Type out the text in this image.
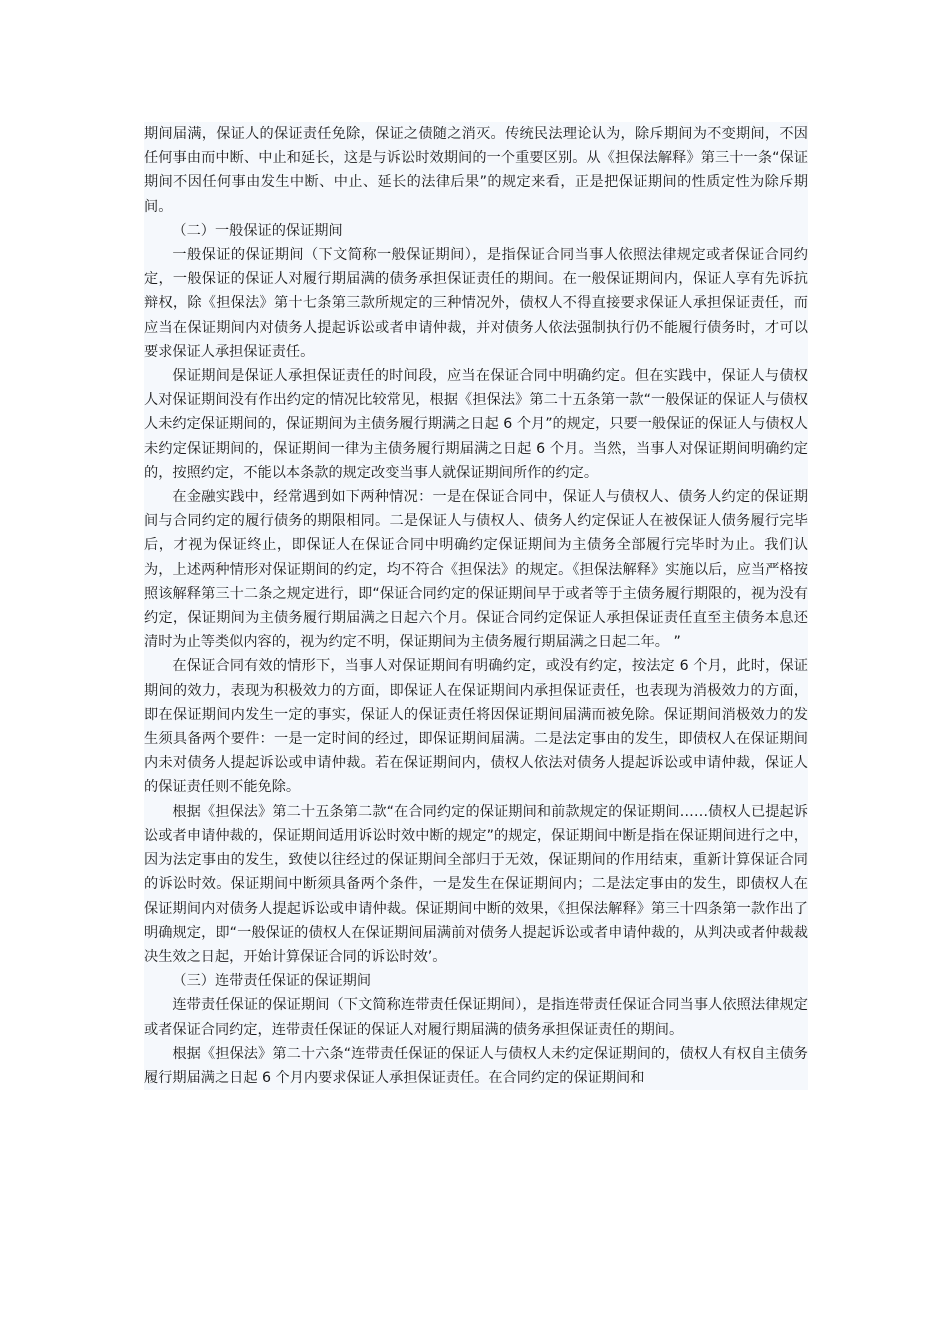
期间届满，保证人的保证责任免除，保证之债随之消灭。传统民法理论认为，除斥期间为不变期间，不因任何事由而中断、中止和延长，这是与诉讼时效期间的一个重要区别。从《担保法解释》第三十一条“保证期间不因任何事由发生中断、中止、延长的法律后果”的规定来看，正是把保证期间的性质定性为除斥期间。

（二）一般保证的保证期间

一般保证的保证期间（下文简称一般保证期间），是指保证合同当事人依照法律规定或者保证合同约定，一般保证的保证人对履行期届满的债务承担保证责任的期间。在一般保证期间内，保证人享有先诉抗辩权，除《担保法》第十七条第三款所规定的三种情况外，债权人不得直接要求保证人承担保证责任，而应当在保证期间内对债务人提起诉讼或者申请仲裁，并对债务人依法强制执行仍不能履行债务时，才可以要求保证人承担保证责任。

保证期间是保证人承担保证责任的时间段，应当在保证合同中明确约定。但在实践中，保证人与债权人对保证期间没有作出约定的情况比较常见，根据《担保法》第二十五条第一款“一般保证的保证人与债权人未约定保证期间的，保证期间为主债务履行期满之日起 6 个月”的规定，只要一般保证的保证人与债权人未约定保证期间的，保证期间一律为主债务履行期届满之日起 6 个月。当然，当事人对保证期间明确约定的，按照约定，不能以本条款的规定改变当事人就保证期间所作的约定。

在金融实践中，经常遇到如下两种情况：一是在保证合同中，保证人与债权人、债务人约定的保证期间与合同约定的履行债务的期限相同。二是保证人与债权人、债务人约定保证人在被保证人债务履行完毕后，才视为保证终止，即保证人在保证合同中明确约定保证期间为主债务全部履行完毕时为止。我们认为，上述两种情形对保证期间的约定，均不符合《担保法》的规定。《担保法解释》实施以后，应当严格按照该解释第三十二条之规定进行，即“保证合同约定的保证期间早于或者等于主债务履行期限的，视为没有约定，保证期间为主债务履行期届满之日起六个月。保证合同约定保证人承担保证责任直至主债务本息还清时为止等类似内容的，视为约定不明，保证期间为主债务履行期届满之日起二年。 ”

在保证合同有效的情形下，当事人对保证期间有明确约定，或没有约定，按法定 6 个月，此时，保证期间的效力，表现为积极效力的方面，即保证人在保证期间内承担保证责任，也表现为消极效力的方面，即在保证期间内发生一定的事实，保证人的保证责任将因保证期间届满而被免除。保证期间消极效力的发生须具备两个要件：一是一定时间的经过，即保证期间届满。二是法定事由的发生，即债权人在保证期间内未对债务人提起诉讼或申请仲裁。若在保证期间内，债权人依法对债务人提起诉讼或申请仲裁，保证人的保证责任则不能免除。

根据《担保法》第二十五条第二款“在合同约定的保证期间和前款规定的保证期间……债权人已提起诉讼或者申请仲裁的，保证期间适用诉讼时效中断的规定”的规定，保证期间中断是指在保证期间进行之中，因为法定事由的发生，致使以往经过的保证期间全部归于无效，保证期间的作用结束，重新计算保证合同的诉讼时效。保证期间中断须具备两个条件，一是发生在保证期间内；二是法定事由的发生，即债权人在保证期间内对债务人提起诉讼或申请仲裁。保证期间中断的效果，《担保法解释》第三十四条第一款作出了明确规定，即“一般保证的债权人在保证期间届满前对债务人提起诉讼或者申请仲裁的，从判决或者仲裁裁决生效之日起，开始计算保证合同的诉讼时效’。

（三）连带责任保证的保证期间

连带责任保证的保证期间（下文简称连带责任保证期间），是指连带责任保证合同当事人依照法律规定或者保证合同约定，连带责任保证的保证人对履行期届满的债务承担保证责任的期间。

根据《担保法》第二十六条“连带责任保证的保证人与债权人未约定保证期间的，债权人有权自主债务履行期届满之日起 6 个月内要求保证人承担保证责任。在合同约定的保证期间和
